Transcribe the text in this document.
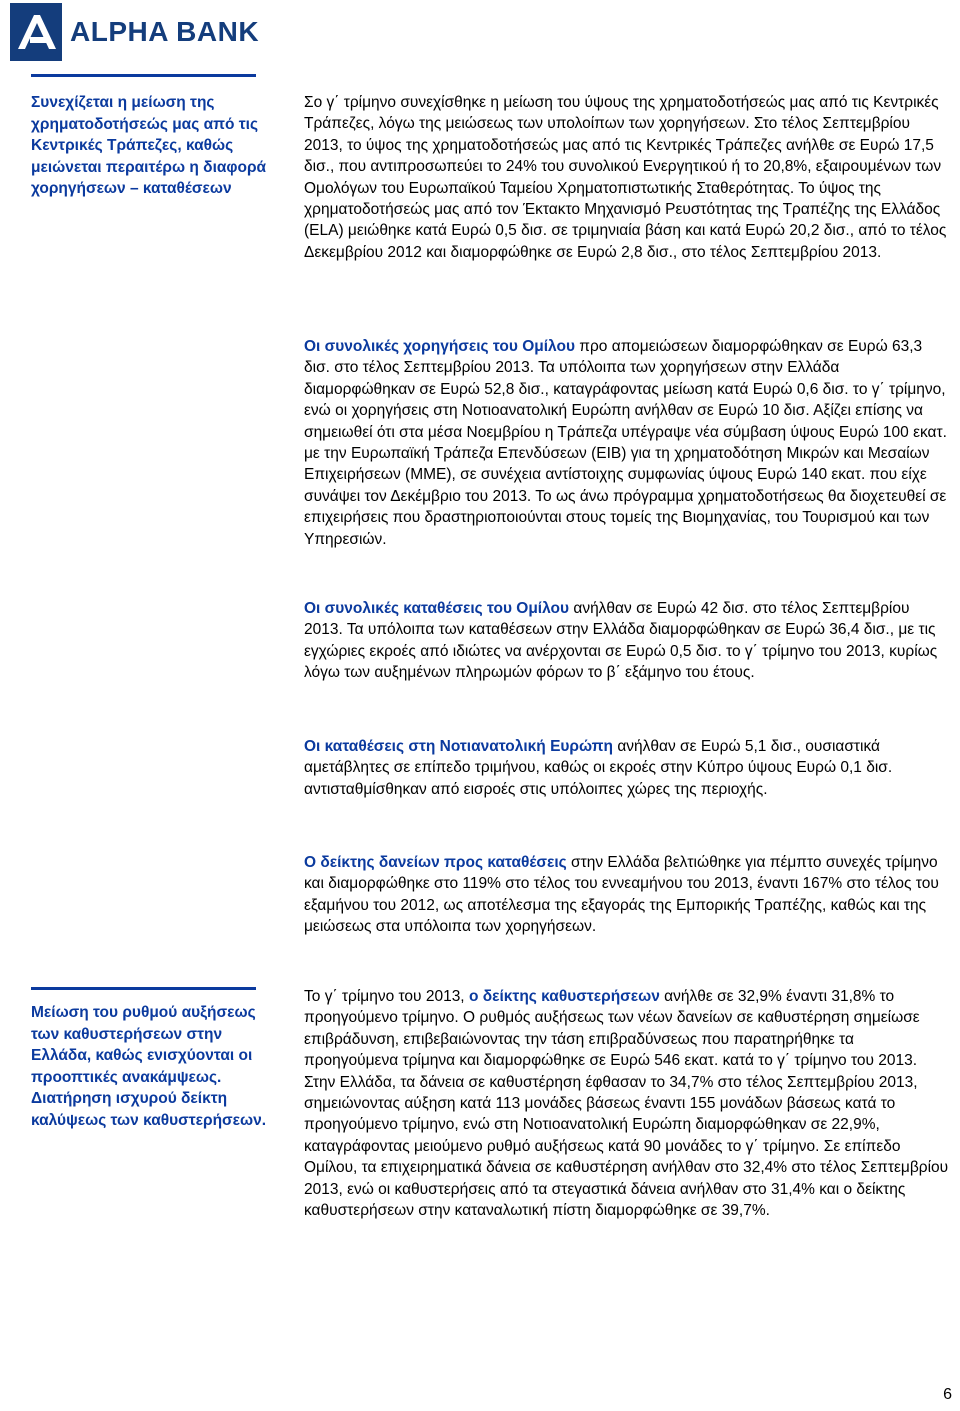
ALPHA BANK
Συνεχίζεται η μείωση της χρηματοδοτήσεώς μας από τις Κεντρικές Τράπεζες, καθώς μειώνεται περαιτέρω η διαφορά χορηγήσεων – καταθέσεων
Σο γ΄ τρίμηνο συνεχίσθηκε η μείωση του ύψους της χρηματοδοτήσεώς μας από τις Κεντρικές Τράπεζες, λόγω της μειώσεως των υπολοίπων των χορηγήσεων. Στο τέλος Σεπτεμβρίου 2013, το ύψος της χρηματοδοτήσεώς μας από τις Κεντρικές Τράπεζες ανήλθε σε Ευρώ 17,5 δισ., που αντιπροσωπεύει το 24% του συνολικού Ενεργητικού ή το 20,8%, εξαιρουμένων των Ομολόγων του Ευρωπαϊκού Ταμείου Χρηματοπιστωτικής Σταθερότητας. Το ύψος της χρηματοδοτήσεώς μας από τον Έκτακτο Μηχανισμό Ρευστότητας της Τραπέζης της Ελλάδος (ELA) μειώθηκε κατά Ευρώ 0,5 δισ. σε τριμηνιαία βάση και κατά Ευρώ 20,2 δισ., από το τέλος Δεκεμβρίου 2012 και διαμορφώθηκε σε Ευρώ 2,8 δισ., στο τέλος Σεπτεμβρίου 2013.
Οι συνολικές χορηγήσεις του Ομίλου προ απομειώσεων διαμορφώθηκαν σε Ευρώ 63,3 δισ. στο τέλος Σεπτεμβρίου 2013. Τα υπόλοιπα των χορηγήσεων στην Ελλάδα διαμορφώθηκαν σε Ευρώ 52,8 δισ., καταγράφοντας μείωση κατά Ευρώ 0,6 δισ. το γ΄ τρίμηνο, ενώ οι χορηγήσεις στη Νοτιοανατολική Ευρώπη ανήλθαν σε Ευρώ 10 δισ. Αξίζει επίσης να σημειωθεί ότι στα μέσα Νοεμβρίου η Τράπεζα υπέγραψε νέα σύμβαση ύψους Ευρώ 100 εκατ. με την Ευρωπαϊκή Τράπεζα Επενδύσεων (ΕΙΒ) για τη χρηματοδότηση Μικρών και Μεσαίων Επιχειρήσεων (ΜΜΕ), σε συνέχεια αντίστοιχης συμφωνίας ύψους Ευρώ 140 εκατ. που είχε συνάψει τον Δεκέμβριο του 2013. Το ως άνω πρόγραμμα χρηματοδοτήσεως θα διοχετευθεί σε επιχειρήσεις που δραστηριοποιούνται στους τομείς της Βιομηχανίας, του Τουρισμού και των Υπηρεσιών.
Οι συνολικές καταθέσεις του Ομίλου ανήλθαν σε Ευρώ 42 δισ. στο τέλος Σεπτεμβρίου 2013. Τα υπόλοιπα των καταθέσεων στην Ελλάδα διαμορφώθηκαν σε Ευρώ 36,4 δισ., με τις εγχώριες εκροές από ιδιώτες να ανέρχονται σε Ευρώ 0,5 δισ. το γ΄ τρίμηνο του 2013, κυρίως λόγω των αυξημένων πληρωμών φόρων το β΄ εξάμηνο του έτους.
Οι καταθέσεις στη Νοτιανατολική Ευρώπη ανήλθαν σε Ευρώ 5,1 δισ., ουσιαστικά αμετάβλητες σε επίπεδο τριμήνου, καθώς οι εκροές στην Κύπρο ύψους Ευρώ 0,1 δισ. αντισταθμίσθηκαν από εισροές στις υπόλοιπες χώρες της περιοχής.
Ο δείκτης δανείων προς καταθέσεις στην Ελλάδα βελτιώθηκε για πέμπτο συνεχές τρίμηνο και διαμορφώθηκε στο 119% στο τέλος του εννεαμήνου του 2013, έναντι 167% στο τέλος του εξαμήνου του 2012, ως αποτέλεσμα της εξαγοράς της Εμπορικής Τραπέζης, καθώς και της μειώσεως στα υπόλοιπα των χορηγήσεων.
Μείωση του ρυθμού αυξήσεως των καθυστερήσεων στην Ελλάδα, καθώς ενισχύονται οι προοπτικές ανακάμψεως. Διατήρηση ισχυρού δείκτη καλύψεως των καθυστερήσεων.
Το γ΄ τρίμηνο του 2013, ο δείκτης καθυστερήσεων ανήλθε σε 32,9% έναντι 31,8% το προηγούμενο τρίμηνο. Ο ρυθμός αυξήσεως των νέων δανείων σε καθυστέρηση σημείωσε επιβράδυνση, επιβεβαιώνοντας την τάση επιβραδύνσεως που παρατηρήθηκε τα προηγούμενα τρίμηνα και διαμορφώθηκε σε Ευρώ 546 εκατ. κατά το γ΄ τρίμηνο του 2013. Στην Ελλάδα, τα δάνεια σε καθυστέρηση έφθασαν το 34,7% στο τέλος Σεπτεμβρίου 2013, σημειώνοντας αύξηση κατά 113 μονάδες βάσεως έναντι 155 μονάδων βάσεως κατά το προηγούμενο τρίμηνο, ενώ στη Νοτιοανατολική Ευρώπη διαμορφώθηκαν σε 22,9%, καταγράφοντας μειούμενο ρυθμό αυξήσεως κατά 90 μονάδες το γ΄ τρίμηνο. Σε επίπεδο Ομίλου, τα επιχειρηματικά δάνεια σε καθυστέρηση ανήλθαν στο 32,4% στο τέλος Σεπτεμβρίου 2013, ενώ οι καθυστερήσεις από τα στεγαστικά δάνεια ανήλθαν στο 31,4% και ο δείκτης καθυστερήσεων στην καταναλωτική πίστη διαμορφώθηκε σε 39,7%.
6
